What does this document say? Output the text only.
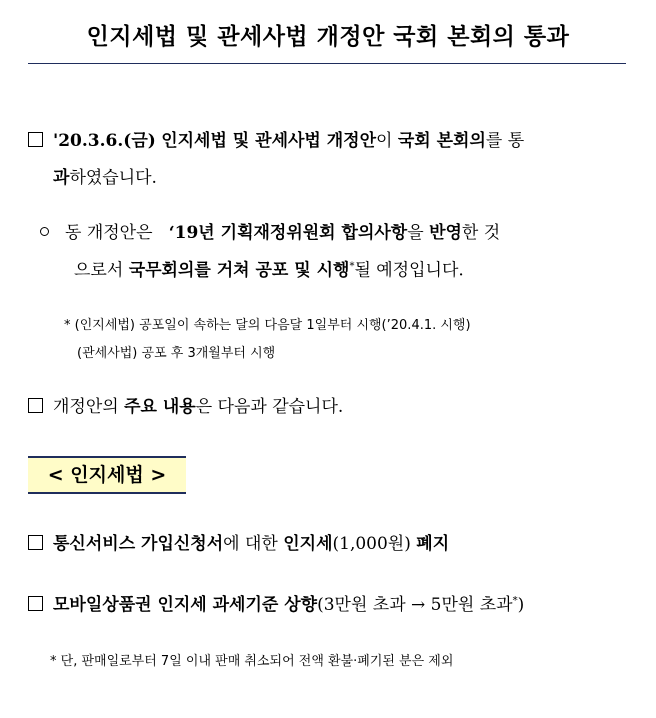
인지세법 및 관세사법 개정안 국회 본회의 통과
'20.3.6.(금) 인지세법 및 관세사법 개정안이 국회 본회의를 통
과하였습니다.
동 개정안은 ‘19년 기획재정위원회 합의사항을 반영한 것
으로서 국무회의를 거쳐 공포 및 시행*될 예정입니다.
* (인지세법) 공포일이 속하는 달의 다음달 1일부터 시행(’20.4.1. 시행)
(관세사법) 공포 후 3개월부터 시행
개정안의 주요 내용은 다음과 같습니다.
< 인지세법 >
통신서비스 가입신청서에 대한 인지세(1,000원) 폐지
모바일상품권 인지세 과세기준 상향(3만원 초과 → 5만원 초과*)
* 단, 판매일로부터 7일 이내 판매 취소되어 전액 환불·폐기된 분은 제외
